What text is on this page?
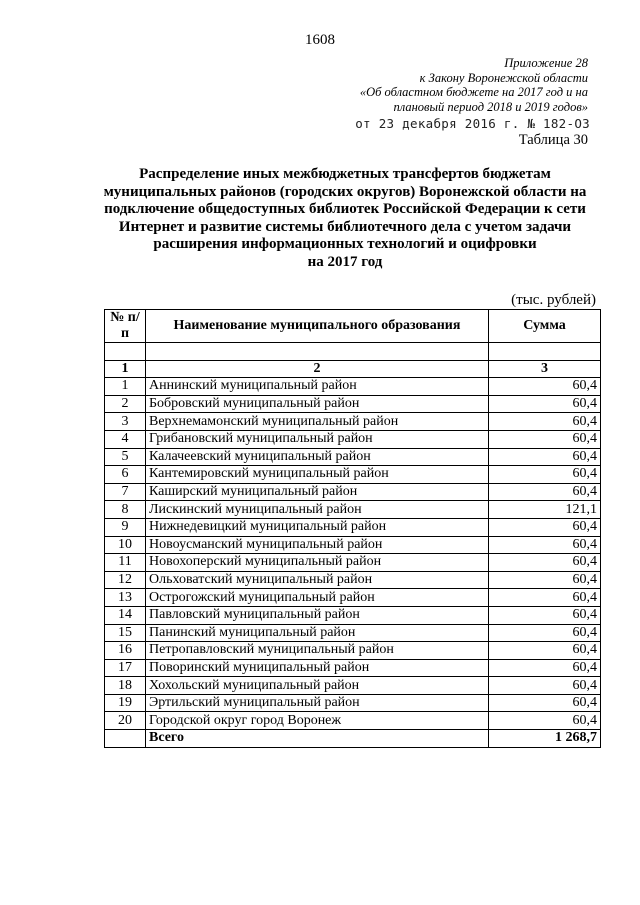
1608
Приложение 28
к Закону Воронежской области
«Об областном бюджете на 2017 год и на
плановый период 2018 и 2019 годов»
от 23 декабря 2016 г. № 182-ОЗ
Таблица 30
Распределение иных межбюджетных трансфертов бюджетам
муниципальных районов (городских округов) Воронежской области на
подключение общедоступных библиотек Российской Федерации к сети
Интернет и развитие системы библиотечного дела с учетом задачи
расширения информационных технологий и оцифровки
на 2017 год
(тыс. рублей)
№ п/п	Наименование муниципального образования	Сумма

1	2	3
1	Аннинский муниципальный район	60,4
2	Бобровский муниципальный район	60,4
3	Верхнемамонский муниципальный район	60,4
4	Грибановский муниципальный район	60,4
5	Калачеевский муниципальный район	60,4
6	Кантемировский муниципальный район	60,4
7	Каширский муниципальный район	60,4
8	Лискинский муниципальный район	121,1
9	Нижнедевицкий муниципальный район	60,4
10	Новоусманский муниципальный район	60,4
11	Новохоперский муниципальный район	60,4
12	Ольховатский муниципальный район	60,4
13	Острогожский муниципальный район	60,4
14	Павловский муниципальный район	60,4
15	Панинский муниципальный район	60,4
16	Петропавловский муниципальный район	60,4
17	Поворинский муниципальный район	60,4
18	Хохольский муниципальный район	60,4
19	Эртильский муниципальный район	60,4
20	Городской округ город Воронеж	60,4
	Всего	1 268,7
